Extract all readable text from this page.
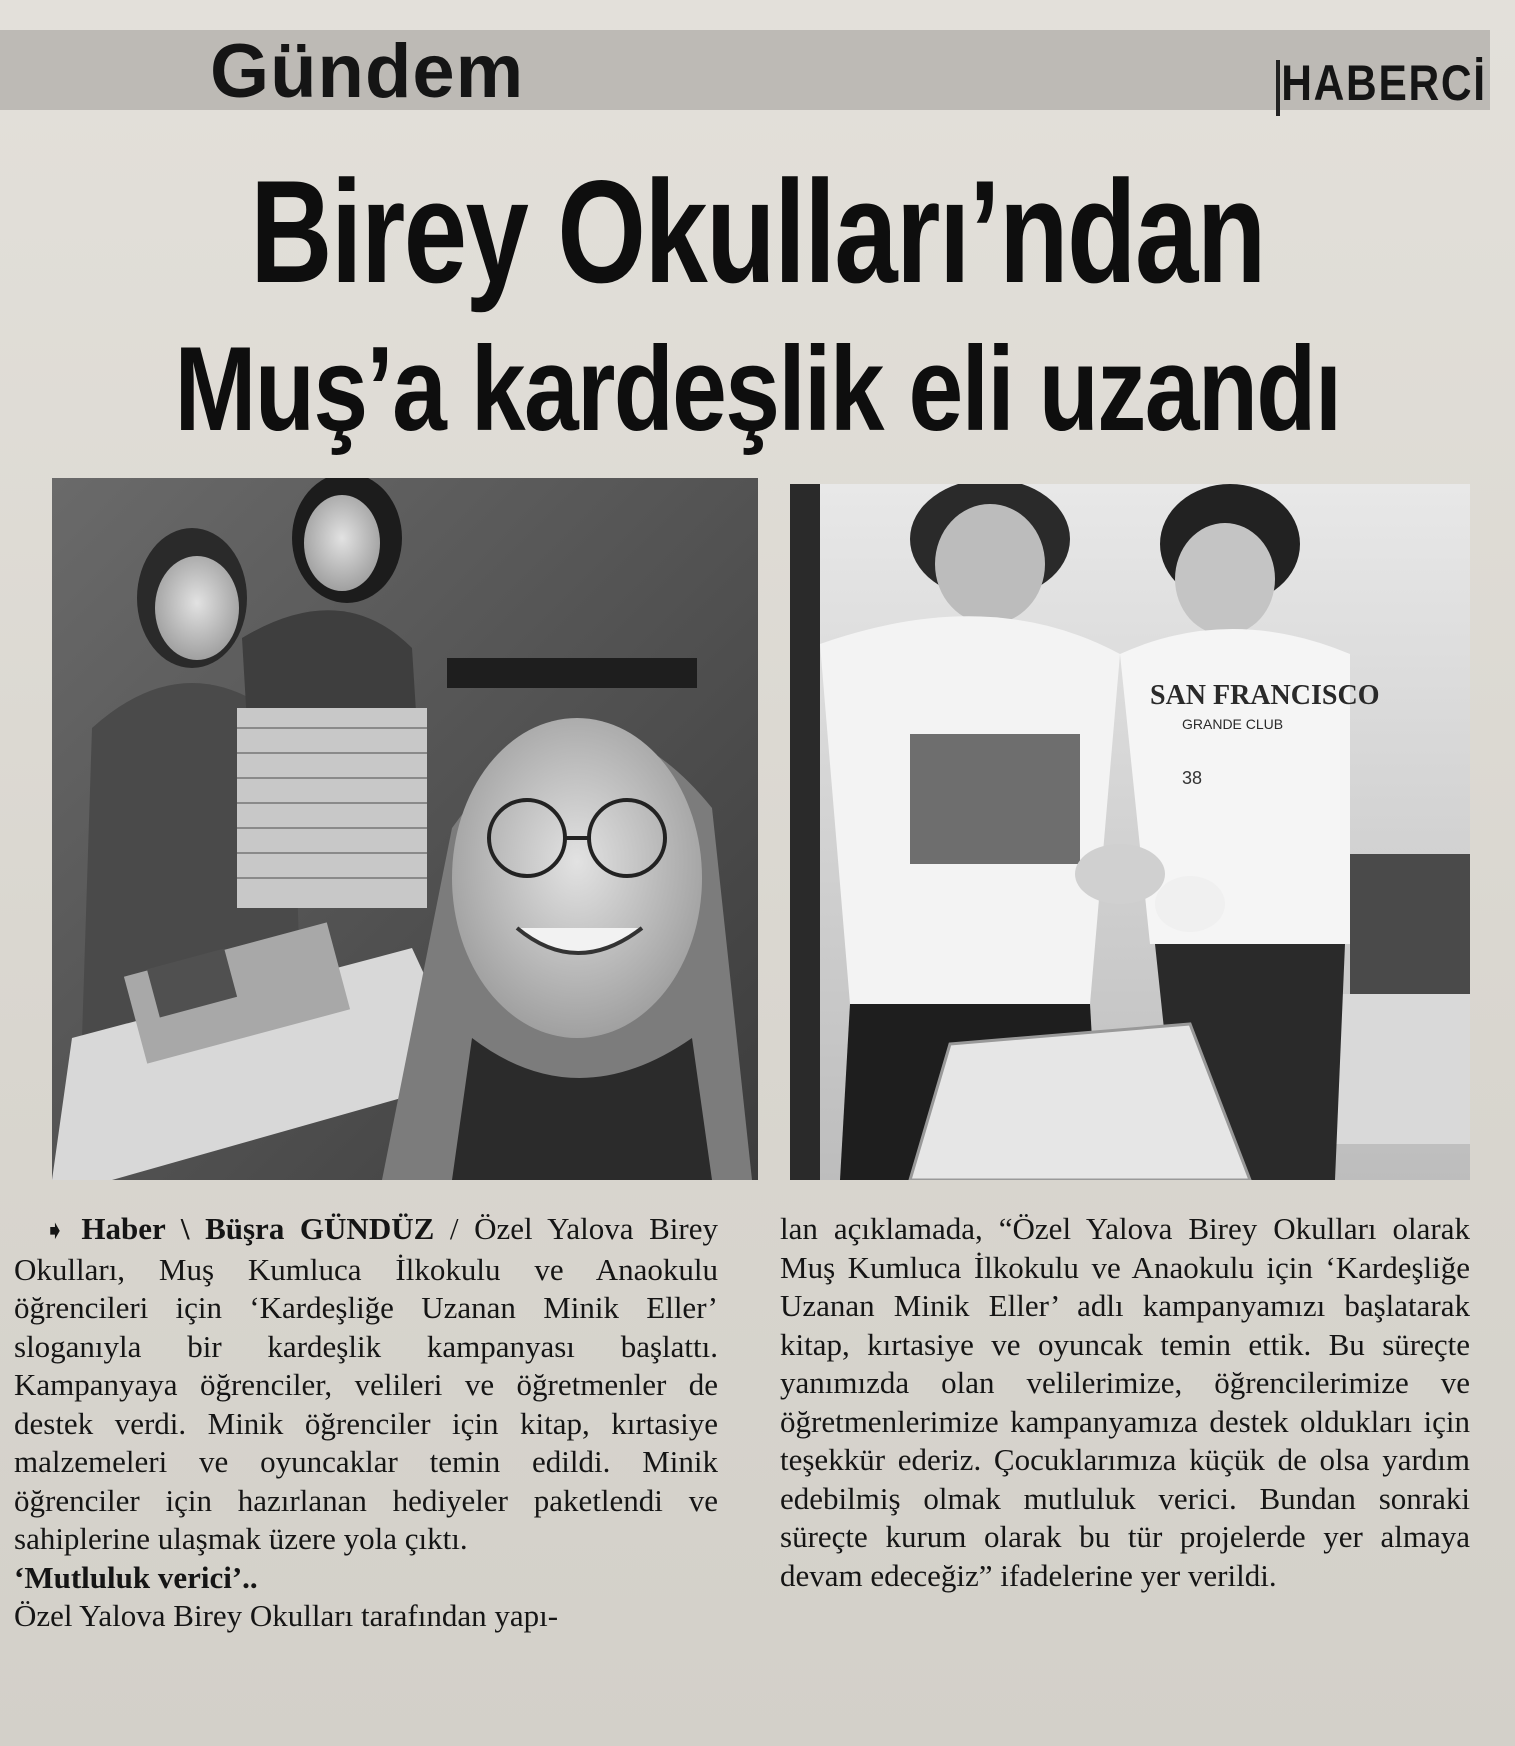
Gündem	HABERCİ
Birey Okulları’ndan
Muş’a kardeşlik eli uzandı
SAN FRANCISCO
GRANDE CLUB
38

➧ Haber \ Büşra GÜNDÜZ / Özel Yalova Birey Okulları, Muş Kumluca İlkokulu ve Anaokulu öğrencileri için ‘Kardeşliğe Uzanan Minik Eller’ sloganıyla bir kardeşlik kampanyası başlattı. Kampanyaya öğrenciler, velileri ve öğretmenler de destek verdi. Minik öğrenciler için kitap, kırtasiye malzemeleri ve oyuncaklar temin edildi. Minik öğrenciler için hazırlanan hediyeler paketlendi ve sahiplerine ulaşmak üzere yola çıktı.

‘Mutluluk verici’..

Özel Yalova Birey Okulları tarafından yapı-

lan açıklamada, “Özel Yalova Birey Okulları olarak Muş Kumluca İlkokulu ve Anaokulu için ‘Kardeşliğe Uzanan Minik Eller’ adlı kampanyamızı başlatarak kitap, kırtasiye ve oyuncak temin ettik. Bu süreçte yanımızda olan velilerimize, öğrencilerimize ve öğretmenlerimize kampanyamıza destek oldukları için teşekkür ederiz. Çocuklarımıza küçük de olsa yardım edebilmiş olmak mutluluk verici. Bundan sonraki süreçte kurum olarak bu tür projelerde yer almaya devam edeceğiz” ifadelerine yer verildi.
